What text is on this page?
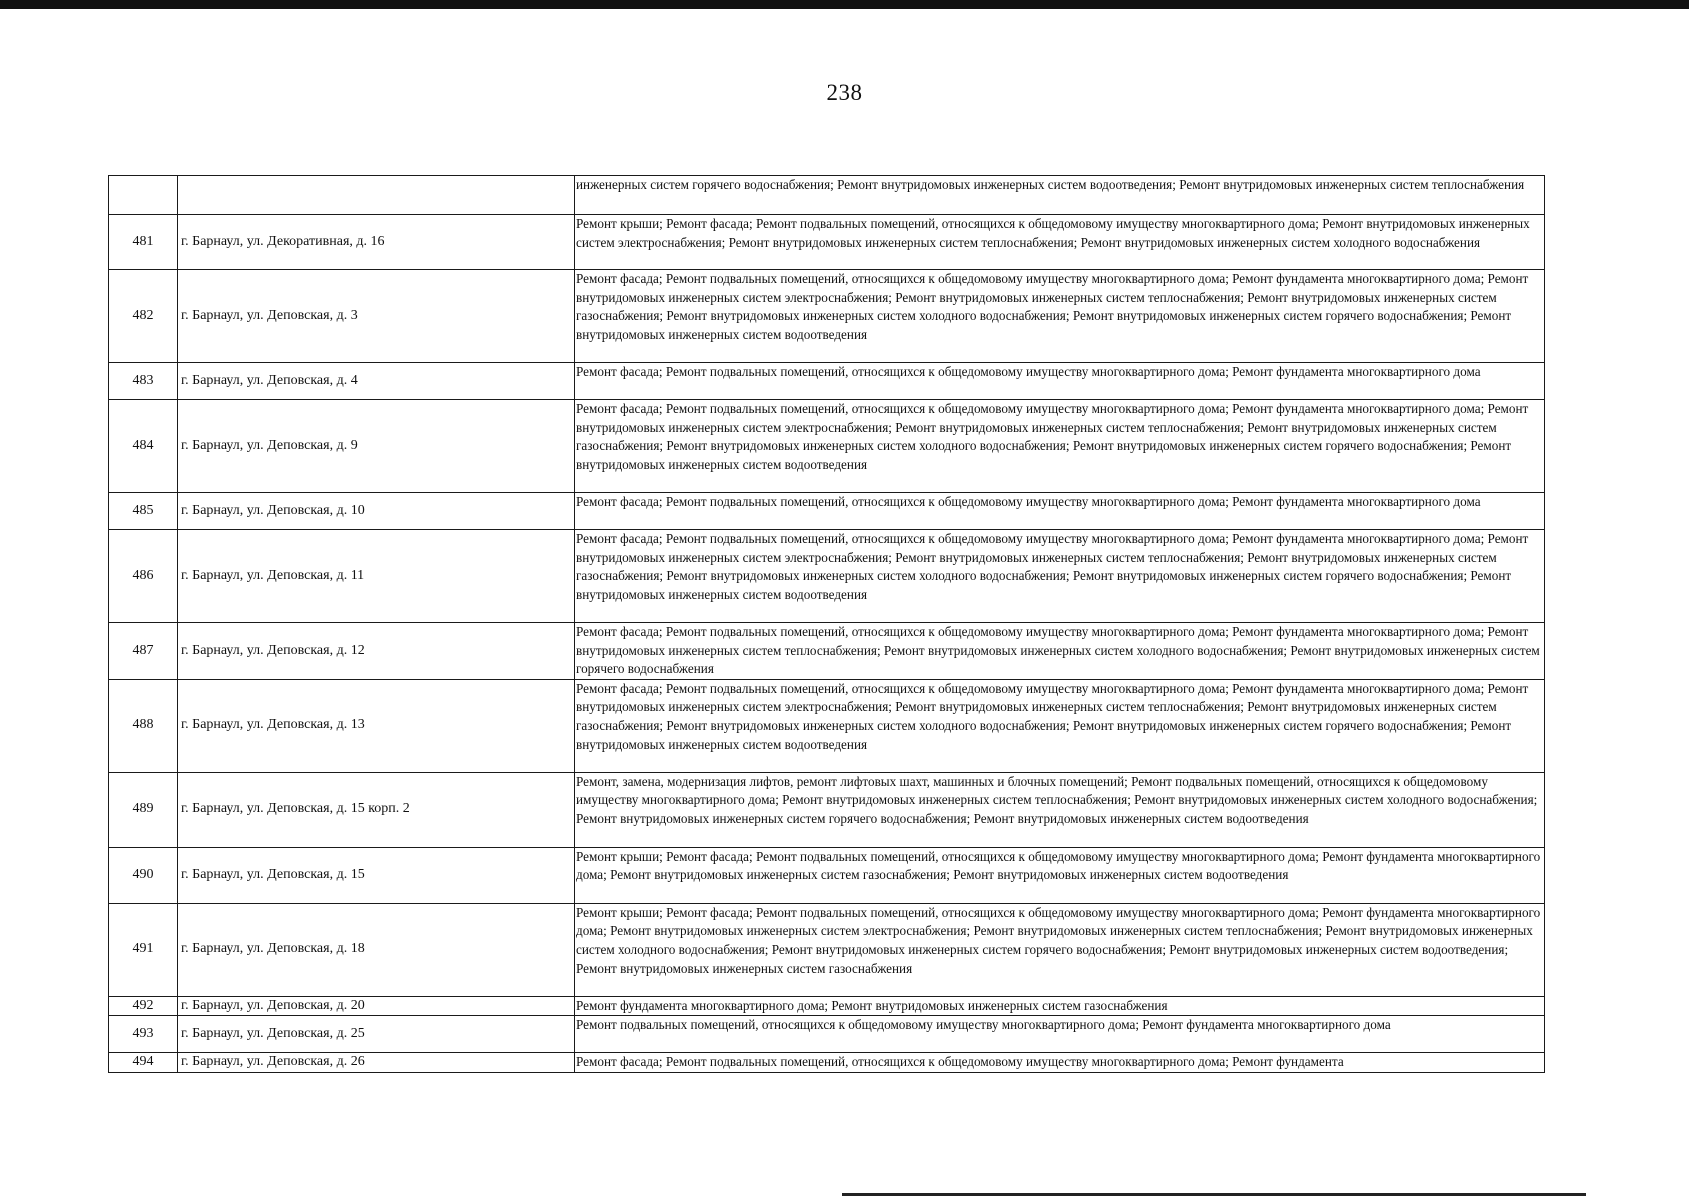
238
		инженерных систем горячего водоснабжения; Ремонт внутридомовых инженерных систем водоотведения; Ремонт внутридомовых инженерных систем теплоснабжения
481	г. Барнаул, ул. Декоративная, д. 16	Ремонт крыши; Ремонт фасада; Ремонт подвальных помещений, относящихся к общедомовому имуществу многоквартирного дома; Ремонт внутридомовых инженерных систем электроснабжения; Ремонт внутридомовых инженерных систем теплоснабжения; Ремонт внутридомовых инженерных систем холодного водоснабжения
482	г. Барнаул, ул. Деповская, д. 3	Ремонт фасада; Ремонт подвальных помещений, относящихся к общедомовому имуществу многоквартирного дома; Ремонт фундамента многоквартирного дома; Ремонт внутридомовых инженерных систем электроснабжения; Ремонт внутридомовых инженерных систем теплоснабжения; Ремонт внутридомовых инженерных систем газоснабжения; Ремонт внутридомовых инженерных систем холодного водоснабжения; Ремонт внутридомовых инженерных систем горячего водоснабжения; Ремонт внутридомовых инженерных систем водоотведения
483	г. Барнаул, ул. Деповская, д. 4	Ремонт фасада; Ремонт подвальных помещений, относящихся к общедомовому имуществу многоквартирного дома; Ремонт фундамента многоквартирного дома
484	г. Барнаул, ул. Деповская, д. 9	Ремонт фасада; Ремонт подвальных помещений, относящихся к общедомовому имуществу многоквартирного дома; Ремонт фундамента многоквартирного дома; Ремонт внутридомовых инженерных систем электроснабжения; Ремонт внутридомовых инженерных систем теплоснабжения; Ремонт внутридомовых инженерных систем газоснабжения; Ремонт внутридомовых инженерных систем холодного водоснабжения; Ремонт внутридомовых инженерных систем горячего водоснабжения; Ремонт внутридомовых инженерных систем водоотведения
485	г. Барнаул, ул. Деповская, д. 10	Ремонт фасада; Ремонт подвальных помещений, относящихся к общедомовому имуществу многоквартирного дома; Ремонт фундамента многоквартирного дома
486	г. Барнаул, ул. Деповская, д. 11	Ремонт фасада; Ремонт подвальных помещений, относящихся к общедомовому имуществу многоквартирного дома; Ремонт фундамента многоквартирного дома; Ремонт внутридомовых инженерных систем электроснабжения; Ремонт внутридомовых инженерных систем теплоснабжения; Ремонт внутридомовых инженерных систем газоснабжения; Ремонт внутридомовых инженерных систем холодного водоснабжения; Ремонт внутридомовых инженерных систем горячего водоснабжения; Ремонт внутридомовых инженерных систем водоотведения
487	г. Барнаул, ул. Деповская, д. 12	Ремонт фасада; Ремонт подвальных помещений, относящихся к общедомовому имуществу многоквартирного дома; Ремонт фундамента многоквартирного дома; Ремонт внутридомовых инженерных систем теплоснабжения; Ремонт внутридомовых инженерных систем холодного водоснабжения; Ремонт внутридомовых инженерных систем горячего водоснабжения
488	г. Барнаул, ул. Деповская, д. 13	Ремонт фасада; Ремонт подвальных помещений, относящихся к общедомовому имуществу многоквартирного дома; Ремонт фундамента многоквартирного дома; Ремонт внутридомовых инженерных систем электроснабжения; Ремонт внутридомовых инженерных систем теплоснабжения; Ремонт внутридомовых инженерных систем газоснабжения; Ремонт внутридомовых инженерных систем холодного водоснабжения; Ремонт внутридомовых инженерных систем горячего водоснабжения; Ремонт внутридомовых инженерных систем водоотведения
489	г. Барнаул, ул. Деповская, д. 15 корп. 2	Ремонт, замена, модернизация лифтов, ремонт лифтовых шахт, машинных и блочных помещений; Ремонт подвальных помещений, относящихся к общедомовому имуществу многоквартирного дома; Ремонт внутридомовых инженерных систем теплоснабжения; Ремонт внутридомовых инженерных систем холодного водоснабжения; Ремонт внутридомовых инженерных систем горячего водоснабжения; Ремонт внутридомовых инженерных систем водоотведения
490	г. Барнаул, ул. Деповская, д. 15	Ремонт крыши; Ремонт фасада; Ремонт подвальных помещений, относящихся к общедомовому имуществу многоквартирного дома; Ремонт фундамента многоквартирного дома; Ремонт внутридомовых инженерных систем газоснабжения; Ремонт внутридомовых инженерных систем водоотведения
491	г. Барнаул, ул. Деповская, д. 18	Ремонт крыши; Ремонт фасада; Ремонт подвальных помещений, относящихся к общедомовому имуществу многоквартирного дома; Ремонт фундамента многоквартирного дома; Ремонт внутридомовых инженерных систем электроснабжения; Ремонт внутридомовых инженерных систем теплоснабжения; Ремонт внутридомовых инженерных систем холодного водоснабжения; Ремонт внутридомовых инженерных систем горячего водоснабжения; Ремонт внутридомовых инженерных систем водоотведения; Ремонт внутридомовых инженерных систем газоснабжения
492	г. Барнаул, ул. Деповская, д. 20	Ремонт фундамента многоквартирного дома; Ремонт внутридомовых инженерных систем газоснабжения
493	г. Барнаул, ул. Деповская, д. 25	Ремонт подвальных помещений, относящихся к общедомовому имуществу многоквартирного дома; Ремонт фундамента многоквартирного дома
494	г. Барнаул, ул. Деповская, д. 26	Ремонт фасада; Ремонт подвальных помещений, относящихся к общедомовому имуществу многоквартирного дома; Ремонт фундамента
